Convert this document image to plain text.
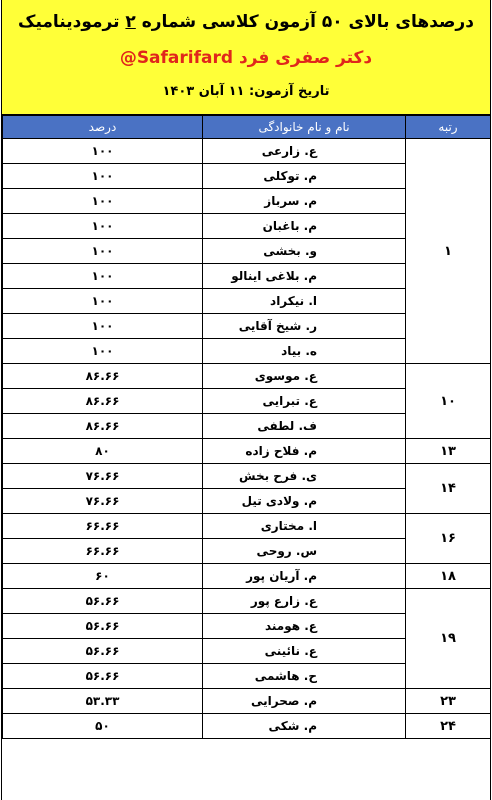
درصدهای بالای ۵۰ آزمون کلاسی شماره ۲ ترمودینامیک
دکتر صفری فرد Safarifard@
تاریخ آزمون: ۱۱ آبان ۱۴۰۳
رتبه	نام و نام خانوادگی	درصد
۱	ع. زارعی	۱۰۰
	م. توکلی	۱۰۰
	م. سرباز	۱۰۰
	م. باغبان	۱۰۰
	و. بخشی	۱۰۰
	م. بلاغی اینالو	۱۰۰
	ا. نیکراد	۱۰۰
	ر. شیخ آقایی	۱۰۰
	ه. بیاد	۱۰۰
۱۰	ع. موسوی	۸۶.۶۶
	ع. تبرایی	۸۶.۶۶
	ف. لطفی	۸۶.۶۶
۱۳	م. فلاح زاده	۸۰
۱۴	ی. فرح بخش	۷۶.۶۶
	م. ولادی تیل	۷۶.۶۶
۱۶	ا. مختاری	۶۶.۶۶
	س. روحی	۶۶.۶۶
۱۸	م. آریان پور	۶۰
۱۹	ع. زارع پور	۵۶.۶۶
	ع. هومند	۵۶.۶۶
	ع. نائینی	۵۶.۶۶
	ح. هاشمی	۵۶.۶۶
۲۳	م. صحرایی	۵۳.۳۳
۲۴	م. شکی	۵۰
